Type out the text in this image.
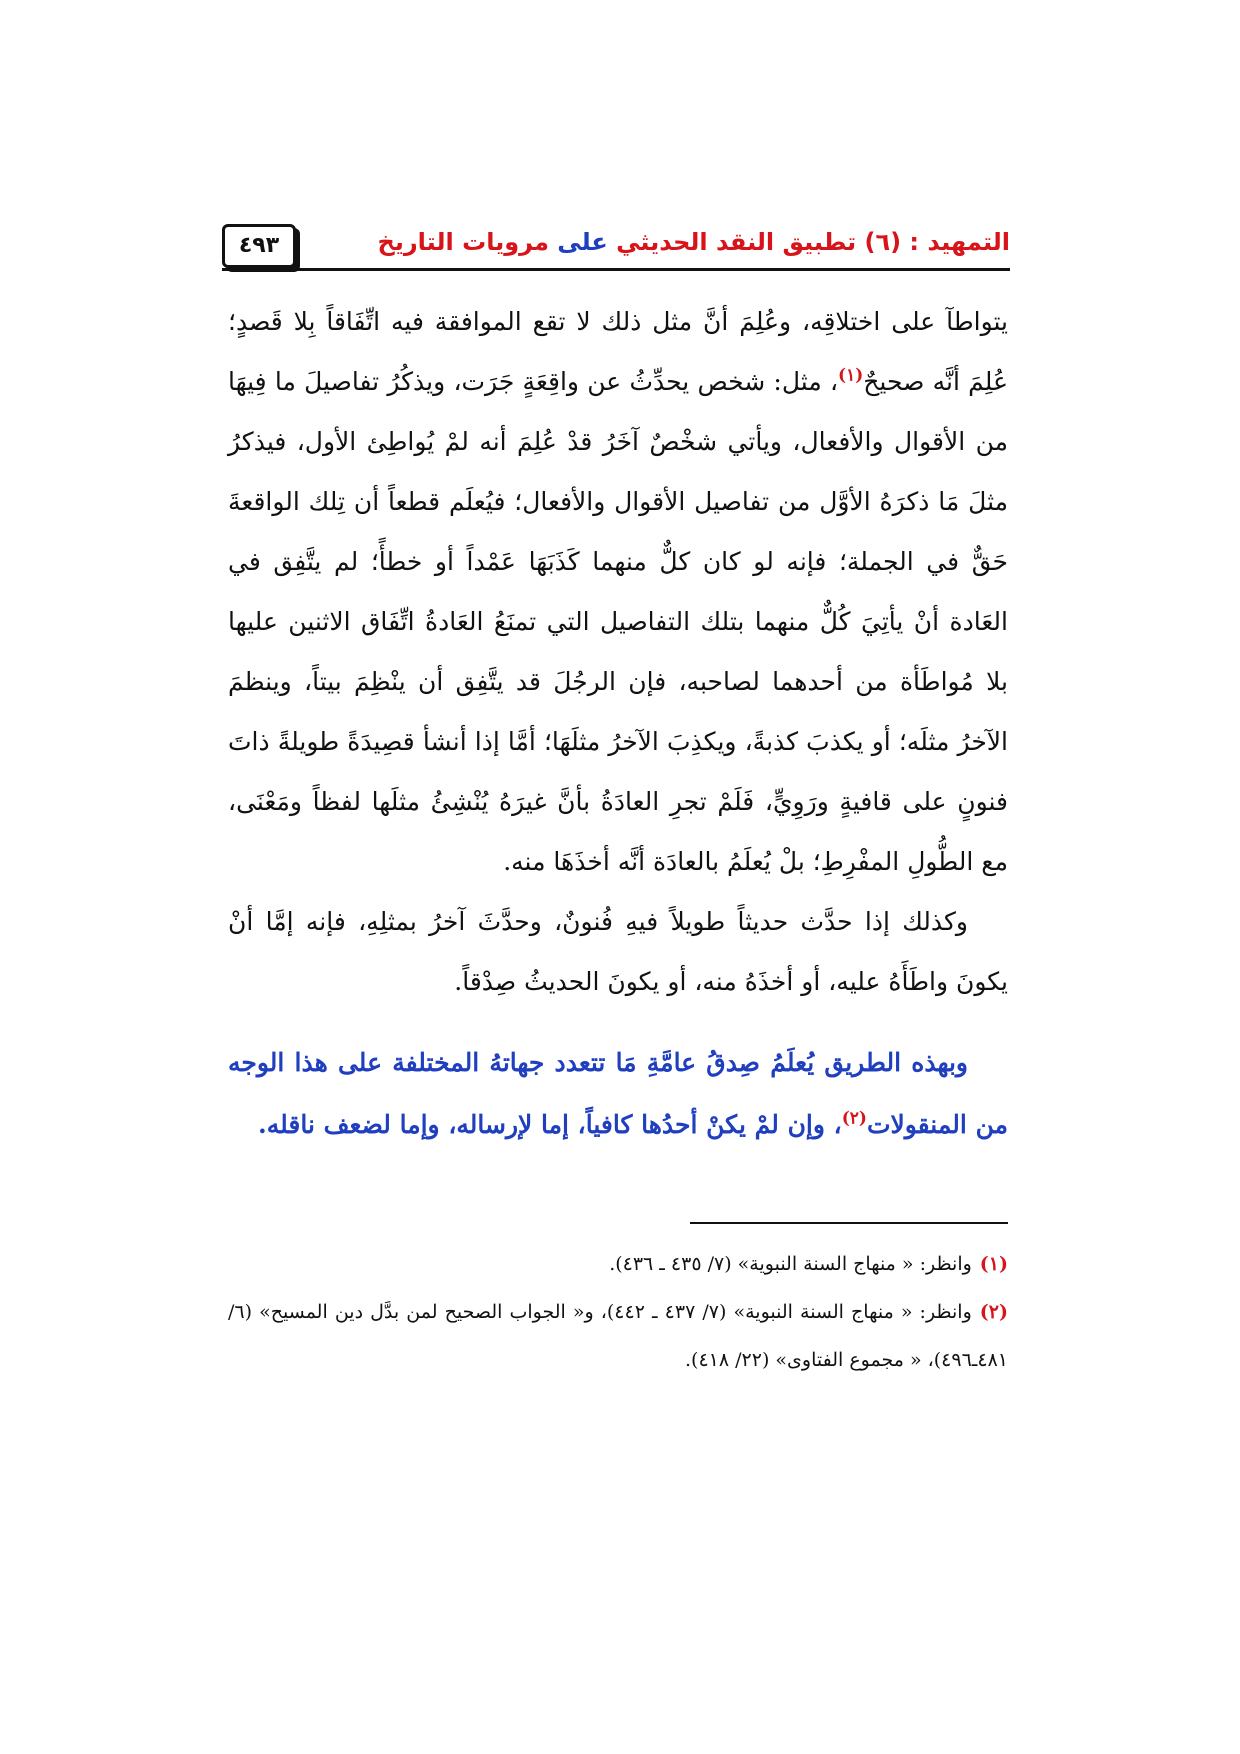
التمهيد : (٦) تطبيق النقد الحديثي على مرويات التاريخ
٤٩٣

يتواطآ على اختلاقِه، وعُلِمَ أنَّ مثل ذلك لا تقع الموافقة فيه اتِّفَاقاً بِلا قَصدٍ؛ عُلِمَ أنَّه صحيحٌ$^{(١)}$، مثل: شخص يحدِّثُ عن واقِعَةٍ جَرَت، ويذكُرُ تفاصيلَ ما فِيهَا من الأقوال والأفعال، ويأتي شخْصٌ آخَرُ قدْ عُلِمَ أنه لمْ يُواطِئ الأول، فيذكرُ مثلَ مَا ذكرَهُ الأوَّل من تفاصيل الأقوال والأفعال؛ فيُعلَم قطعاً أن تِلك الواقعةَ حَقٌّ في الجملة؛ فإنه لو كان كلٌّ منهما كَذَبَهَا عَمْداً أو خطأً؛ لم يتَّفِق في العَادة أنْ يأتِيَ كُلٌّ منهما بتلك التفاصيل التي تمنَعُ العَادةُ اتِّفَاق الاثنين عليها بلا مُواطَأة من أحدهما لصاحبه، فإن الرجُلَ قد يتَّفِق أن ينْظِمَ بيتاً، وينظمَ الآخرُ مثلَه؛ أو يكذبَ كذبةً، ويكذِبَ الآخرُ مثلَهَا؛ أمَّا إذا أنشأ قصِيدَةً طويلةً ذاتَ فنونٍ على قافيةٍ ورَوِيٍّ، فَلَمْ تجرِ العادَةُ بأنَّ غيرَهُ يُنْشِئُ مثلَها لفظاً ومَعْنَى، مع الطُّولِ المفْرِطِ؛ بلْ يُعلَمُ بالعادَة أنَّه أخذَهَا منه.

وكذلك إذا حدَّث حديثاً طويلاً فيهِ فُنونٌ، وحدَّثَ آخرُ بمثلِهِ، فإنه إمَّا أنْ يكونَ واطَأَهُ عليه، أو أخذَهُ منه، أو يكونَ الحديثُ صِدْقاً.

وبهذه الطريق يُعلَمُ صِدقُ عامَّةِ مَا تتعدد جهاتهُ المختلفة على هذا الوجه من المنقولات$^{(٢)}$، وإن لمْ يكنْ أحدُها كافياً، إما لإرساله، وإما لضعف ناقله.

(١)وانظر: « منهاج السنة النبوية» (٧/ ٤٣٥ ـ ٤٣٦).

(٢)وانظر: « منهاج السنة النبوية» (٧/ ٤٣٧ ـ ٤٤٢)، و« الجواب الصحيح لمن بدَّل دين المسيح» (٦/ ٤٨١ـ٤٩٦)، « مجموع الفتاوى» (٢٢/ ٤١٨).
